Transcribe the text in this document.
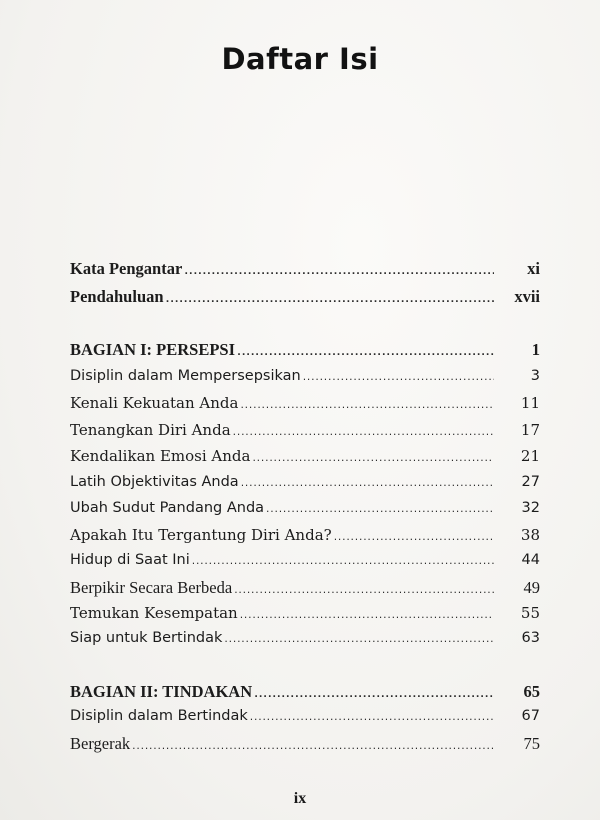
Daftar Isi
Kata Pengantar .....	xi
Pendahuluan .....	xvii
BAGIAN I: PERSEPSI .....	1
Disiplin dalam Mempersepsikan .....	3
Kenali Kekuatan Anda .....	11
Tenangkan Diri Anda .....	17
Kendalikan Emosi Anda .....	21
Latih Objektivitas Anda .....	27
Ubah Sudut Pandang Anda .....	32
Apakah Itu Tergantung Diri Anda? .....	38
Hidup di Saat Ini .....	44
Berpikir Secara Berbeda .....	49
Temukan Kesempatan .....	55
Siap untuk Bertindak .....	63
BAGIAN II: TINDAKAN .....	65
Disiplin dalam Bertindak .....	67
Bergerak .....	75
ix
